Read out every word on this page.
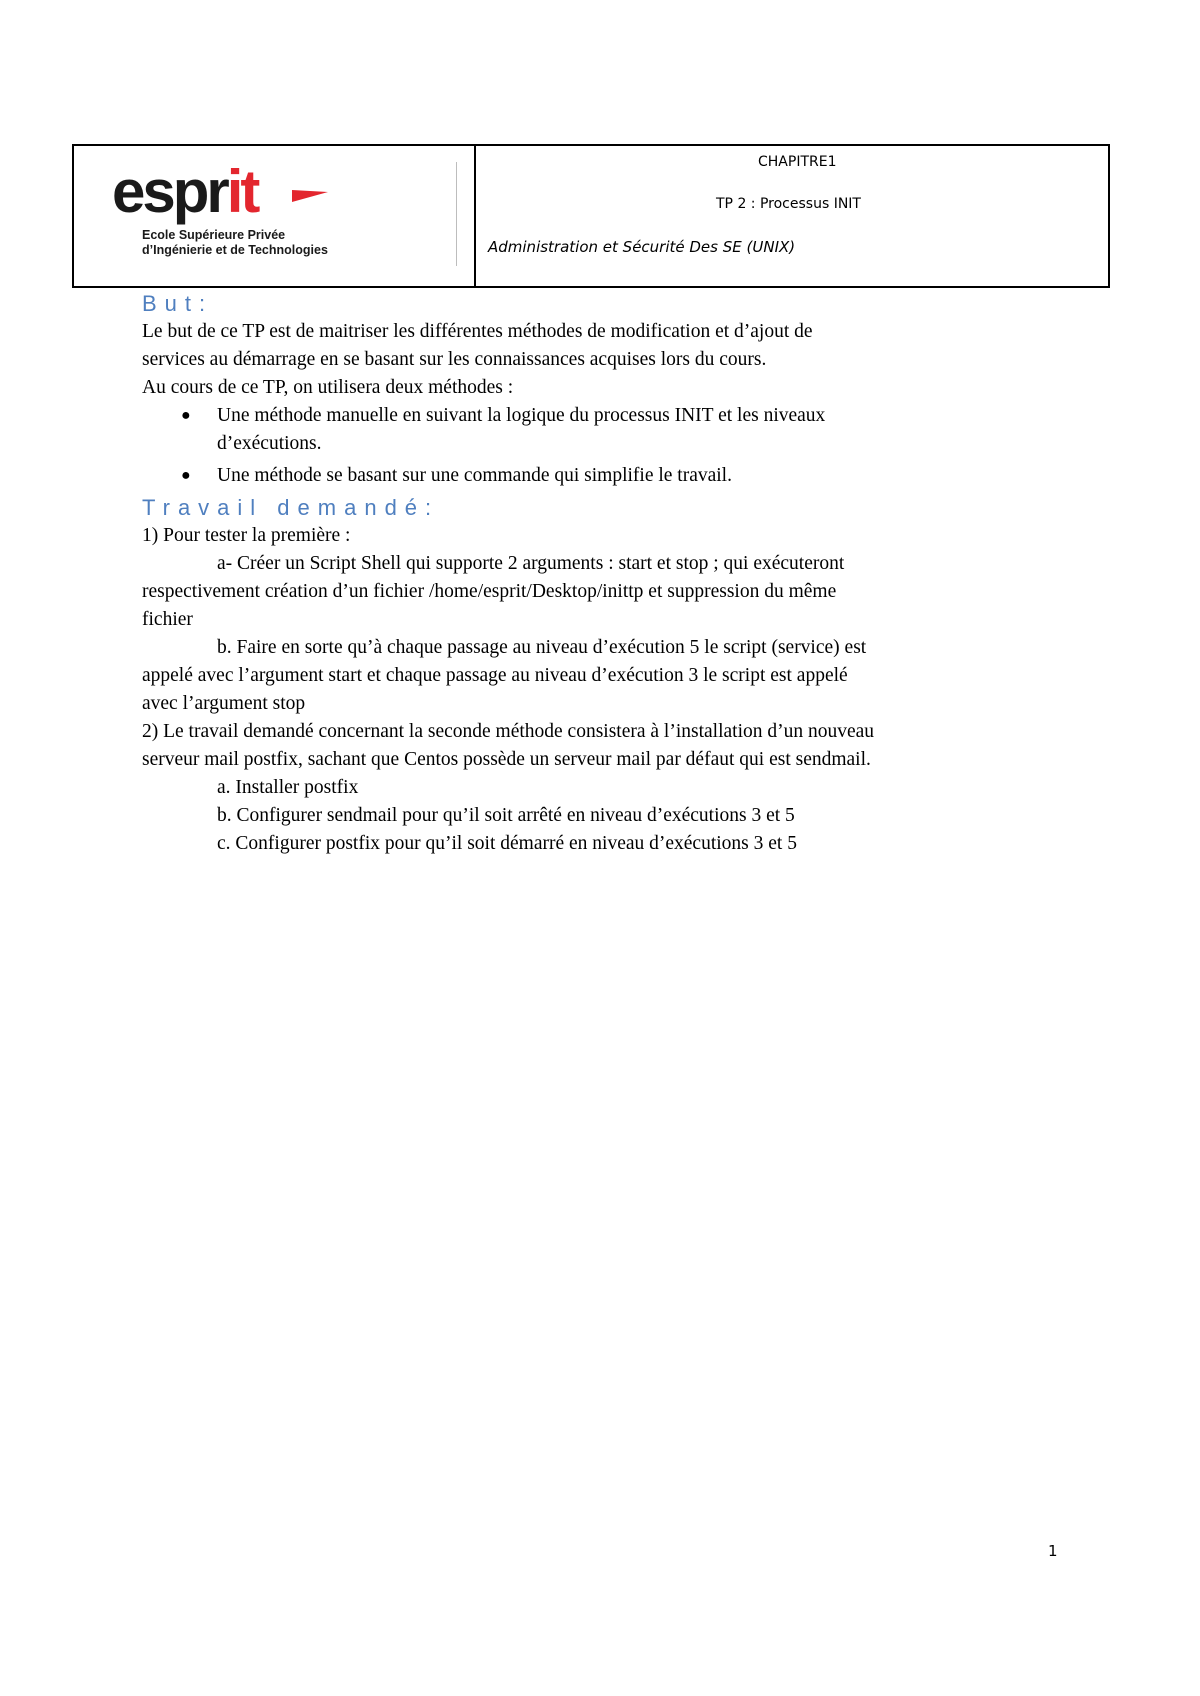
esprit
Ecole Supérieure Privée
d’Ingénierie et de Technologies
CHAPITRE1
TP 2 : Processus INIT
Administration et Sécurité Des SE (UNIX)
But:

Le but de ce TP est de maitriser les différentes méthodes de modification et d’ajout de

services au démarrage en se basant sur les connaissances acquises lors du cours.

Au cours de ce TP, on utilisera deux méthodes :

● Une méthode manuelle en suivant la logique du processus INIT et les niveaux
d’exécutions.
● Une méthode se basant sur une commande qui simplifie le travail.
Travail demandé:

1) Pour tester la première :

a- Créer un Script Shell qui supporte 2 arguments : start et stop ; qui exécuteront

respectivement création d’un fichier /home/esprit/Desktop/inittp et suppression du même

fichier

b. Faire en sorte qu’à chaque passage au niveau d’exécution 5 le script (service) est

appelé avec l’argument start et chaque passage au niveau d’exécution 3 le script est appelé

avec l’argument stop

2) Le travail demandé concernant la seconde méthode consistera à l’installation d’un nouveau

serveur mail postfix, sachant que Centos possède un serveur mail par défaut qui est sendmail.

a. Installer postfix

b. Configurer sendmail pour qu’il soit arrêté en niveau d’exécutions 3 et 5

c. Configurer postfix pour qu’il soit démarré en niveau d’exécutions 3 et 5

1
